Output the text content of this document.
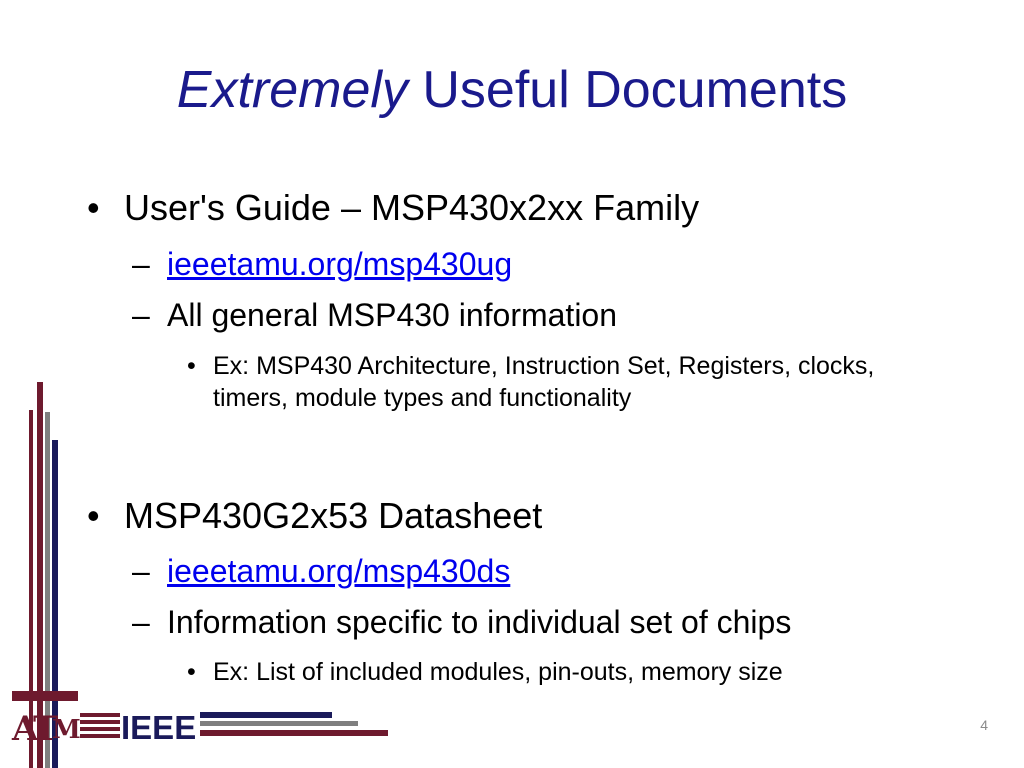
Extremely Useful Documents
• User's Guide – MSP430x2xx Family
– ieeetamu.org/msp430ug
– All general MSP430 information
• Ex: MSP430 Architecture, Instruction Set, Registers, clocks, timers, module types and functionality
• MSP430G2x53 Datasheet
– ieeetamu.org/msp430ds
– Information specific to individual set of chips
• Ex: List of included modules, pin-outs, memory size
A
T
M IEEE	4
